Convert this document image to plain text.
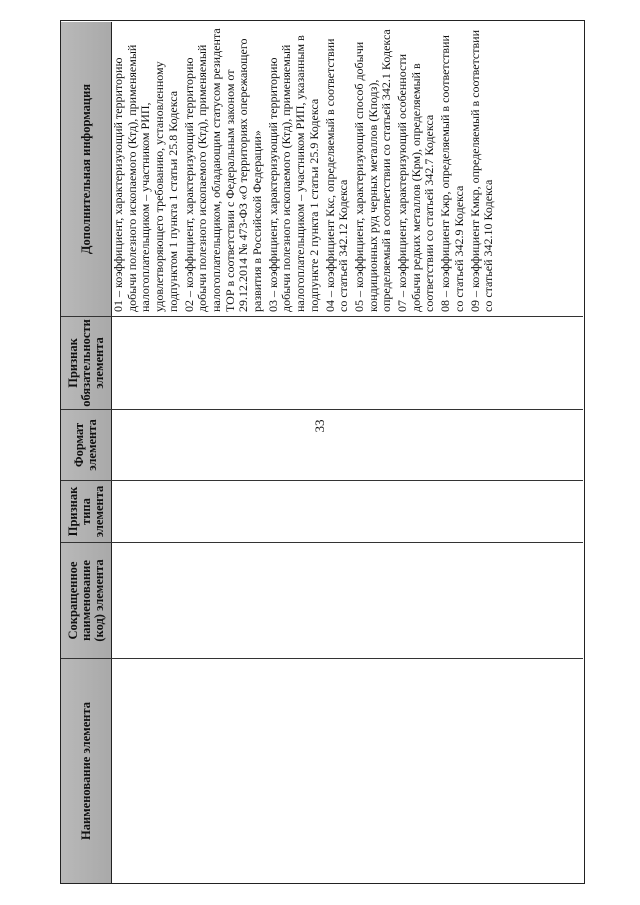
33
Наименование элемента
Сокращенное наименование (код) элемента
Признак типа элемента
Формат элемента
Признак обязательности элемента
Дополнительная информация	01 – коэффициент, характеризующий территорию добычи полезного ископаемого (Ктд), применяемый налогоплательщиком – участником РИП, удовлетворяющего требованию, установленному подпунктом 1 пункта 1 статьи 25.8 Кодекса 02 – коэффициент, характеризующий территорию добычи полезного ископаемого (Ктд), применяемый налогоплательщиком, обладающим статусом резидента ТОР в соответствии с Федеральным законом от 29.12.2014 № 473-ФЗ «О территориях опережающего развития в Российской Федерации» 03 – коэффициент, характеризующий территорию добычи полезного ископаемого (Ктд), применяемый налогоплательщиком – участником РИП, указанным в подпункте 2 пункта 1 статьи 25.9 Кодекса 04 – коэффициент Ккс, определяемый в соответствии со статьей 342.12 Кодекса 05 – коэффициент, характеризующий способ добычи кондиционных руд черных металлов (Кподз), определяемый в соответствии со статьей 342.1 Кодекса 07 – коэффициент, характеризующий особенности добычи редких металлов (Крм), определяемый в соответствии со статьей 342.7 Кодекса 08 – коэффициент Кжр, определяемый в соответствии со статьей 342.9 Кодекса 09 – коэффициент Кмкр, определяемый в соответствии со статьей 342.10 Кодекса
